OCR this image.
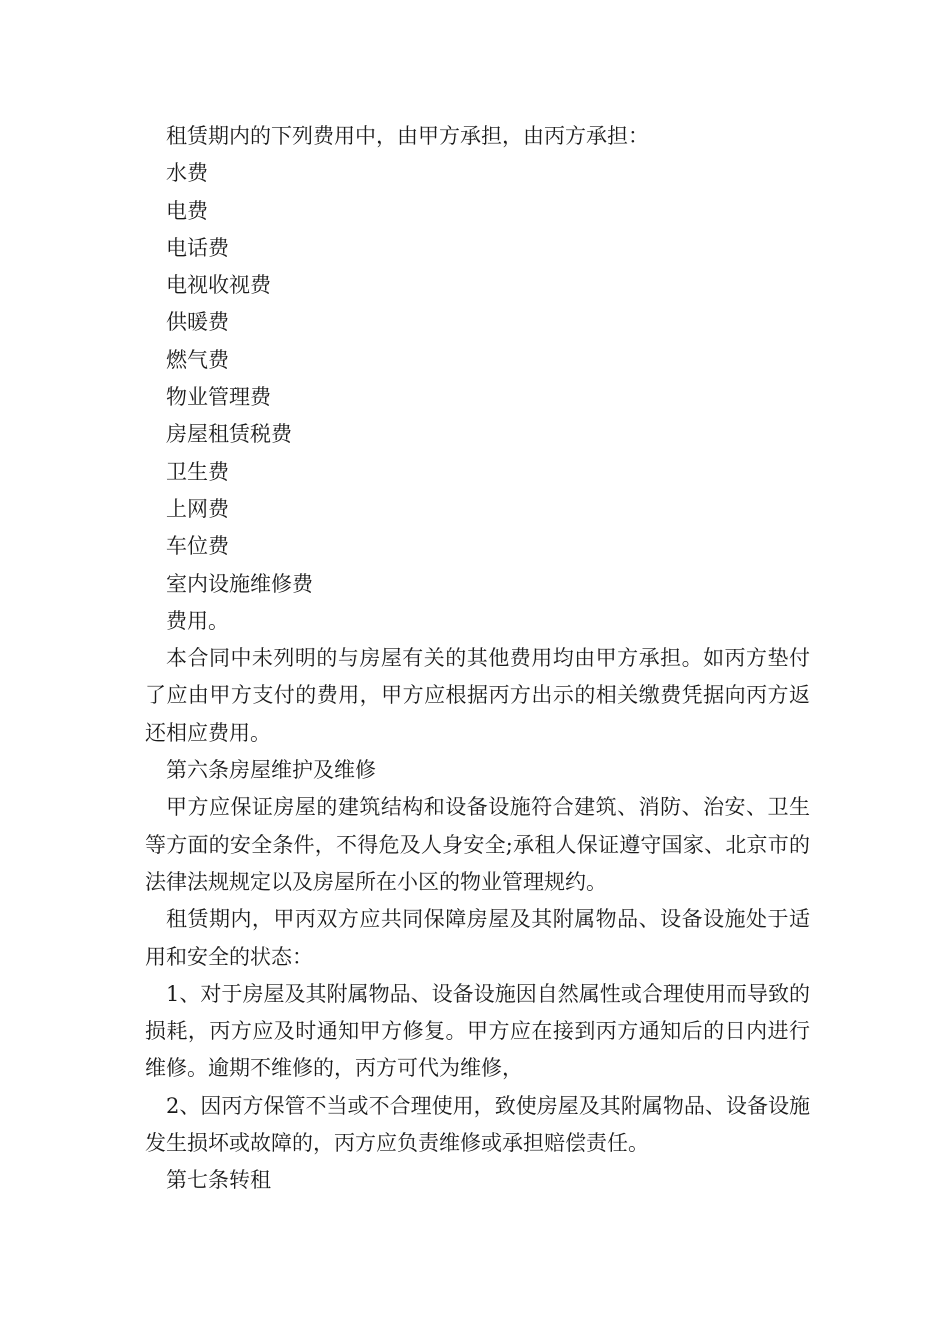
租赁期内的下列费用中，由甲方承担，由丙方承担：

水费

电费

电话费

电视收视费

供暖费

燃气费

物业管理费

房屋租赁税费

卫生费

上网费

车位费

室内设施维修费

费用。

本合同中未列明的与房屋有关的其他费用均由甲方承担。如丙方垫付了应由甲方支付的费用，甲方应根据丙方出示的相关缴费凭据向丙方返还相应费用。

第六条房屋维护及维修

甲方应保证房屋的建筑结构和设备设施符合建筑、消防、治安、卫生等方面的安全条件，不得危及人身安全;承租人保证遵守国家、北京市的法律法规规定以及房屋所在小区的物业管理规约。

租赁期内，甲丙双方应共同保障房屋及其附属物品、设备设施处于适用和安全的状态：

1、对于房屋及其附属物品、设备设施因自然属性或合理使用而导致的损耗，丙方应及时通知甲方修复。甲方应在接到丙方通知后的日内进行维修。逾期不维修的，丙方可代为维修，

2、因丙方保管不当或不合理使用，致使房屋及其附属物品、设备设施发生损坏或故障的，丙方应负责维修或承担赔偿责任。

第七条转租
